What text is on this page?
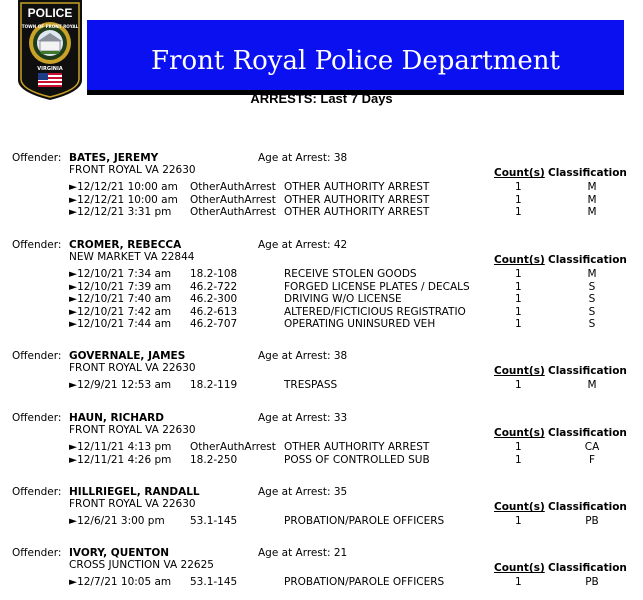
POLICE
TOWN OF FRONT ROYAL
VIRGINIA	Front Royal Police Department
ARRESTS: Last 7 Days
Offender: BATES, JEREMY	Age at Arrest: 38
FRONT ROYAL VA 22630	Count(s) Classification
►12/12/21 10:00 am OtherAuthArrest OTHER AUTHORITY ARREST	1	M
►12/12/21 10:00 am OtherAuthArrest OTHER AUTHORITY ARREST	1	M
►12/12/21 3:31 pm OtherAuthArrest OTHER AUTHORITY ARREST	1	M
Offender: CROMER, REBECCA	Age at Arrest: 42
NEW MARKET VA 22844	Count(s) Classification
►12/10/21 7:34 am 18.2-108	RECEIVE STOLEN GOODS	1	M
►12/10/21 7:39 am 46.2-722	FORGED LICENSE PLATES / DECALS	1	S
►12/10/21 7:40 am 46.2-300	DRIVING W/O LICENSE	1	S
►12/10/21 7:42 am 46.2-613	ALTERED/FICTICIOUS REGISTRATIO	1	S
►12/10/21 7:44 am 46.2-707	OPERATING UNINSURED VEH	1	S
Offender: GOVERNALE, JAMES	Age at Arrest: 38
FRONT ROYAL VA 22630	Count(s) Classification
►12/9/21 12:53 am 18.2-119	TRESPASS	1	M
Offender: HAUN, RICHARD	Age at Arrest: 33
FRONT ROYAL VA 22630	Count(s) Classification
►12/11/21 4:13 pm OtherAuthArrest OTHER AUTHORITY ARREST	1	CA
►12/11/21 4:26 pm 18.2-250	POSS OF CONTROLLED SUB	1	F
Offender: HILLRIEGEL, RANDALL	Age at Arrest: 35
FRONT ROYAL VA 22630	Count(s) Classification
►12/6/21 3:00 pm 53.1-145	PROBATION/PAROLE OFFICERS	1	PB
Offender: IVORY, QUENTON	Age at Arrest: 21
CROSS JUNCTION VA 22625	Count(s) Classification
►12/7/21 10:05 am 53.1-145	PROBATION/PAROLE OFFICERS	1	PB
